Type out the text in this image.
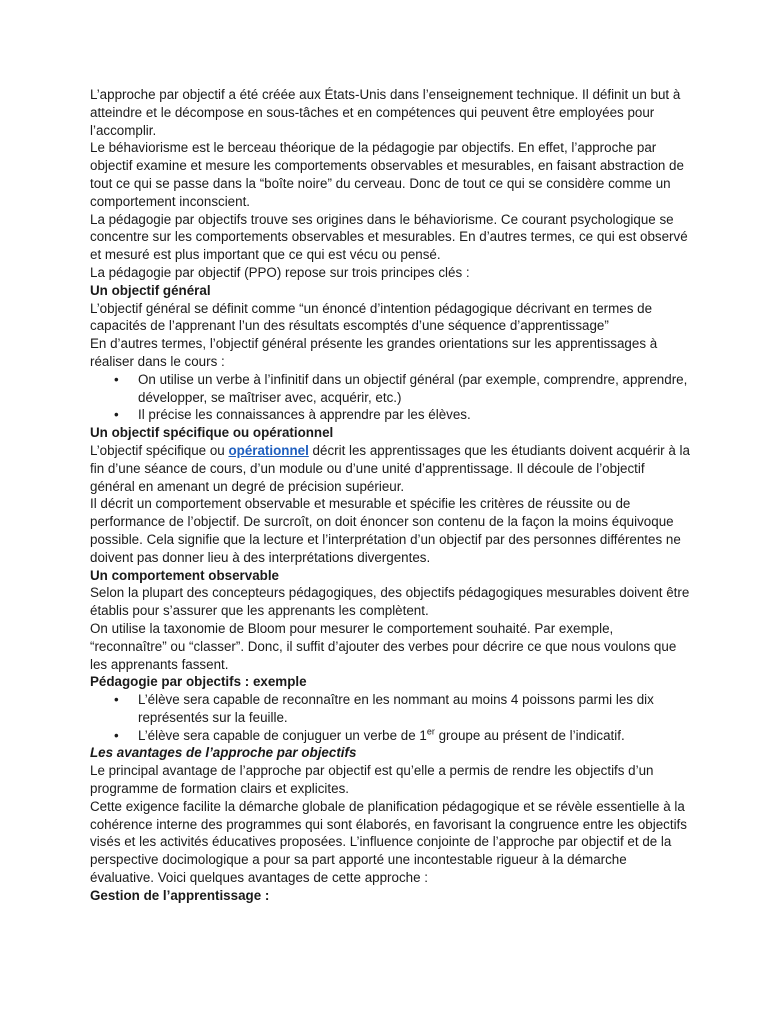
L’approche par objectif a été créée aux États-Unis dans l’enseignement technique. Il définit un but à atteindre et le décompose en sous-tâches et en compétences qui peuvent être employées pour l’accomplir.

Le béhaviorisme est le berceau théorique de la pédagogie par objectifs. En effet, l’approche par objectif examine et mesure les comportements observables et mesurables, en faisant abstraction de tout ce qui se passe dans la “boîte noire” du cerveau. Donc de tout ce qui se considère comme un comportement inconscient.

La pédagogie par objectifs trouve ses origines dans le béhaviorisme. Ce courant psychologique se concentre sur les comportements observables et mesurables. En d’autres termes, ce qui est observé et mesuré est plus important que ce qui est vécu ou pensé.

La pédagogie par objectif (PPO) repose sur trois principes clés :

Un objectif général

L’objectif général se définit comme “un énoncé d’intention pédagogique décrivant en termes de capacités de l’apprenant l’un des résultats escomptés d’une séquence d’apprentissage”

En d’autres termes, l’objectif général présente les grandes orientations sur les apprentissages à réaliser dans le cours :

• On utilise un verbe à l’infinitif dans un objectif général (par exemple, comprendre, apprendre, développer, se maîtriser avec, acquérir, etc.)
• Il précise les connaissances à apprendre par les élèves.

Un objectif spécifique ou opérationnel

L’objectif spécifique ou opérationnel décrit les apprentissages que les étudiants doivent acquérir à la fin d’une séance de cours, d’un module ou d’une unité d’apprentissage. Il découle de l’objectif général en amenant un degré de précision supérieur.

Il décrit un comportement observable et mesurable et spécifie les critères de réussite ou de performance de l’objectif. De surcroît, on doit énoncer son contenu de la façon la moins équivoque possible. Cela signifie que la lecture et l’interprétation d’un objectif par des personnes différentes ne doivent pas donner lieu à des interprétations divergentes.

Un comportement observable

Selon la plupart des concepteurs pédagogiques, des objectifs pédagogiques mesurables doivent être établis pour s’assurer que les apprenants les complètent.

On utilise la taxonomie de Bloom pour mesurer le comportement souhaité. Par exemple, “reconnaître” ou “classer”. Donc, il suffit d’ajouter des verbes pour décrire ce que nous voulons que les apprenants fassent.

Pédagogie par objectifs : exemple

• L’élève sera capable de reconnaître en les nommant au moins 4 poissons parmi les dix représentés sur la feuille.
• L’élève sera capable de conjuguer un verbe de 1er groupe au présent de l’indicatif.

Les avantages de l’approche par objectifs

Le principal avantage de l’approche par objectif est qu’elle a permis de rendre les objectifs d’un programme de formation clairs et explicites.

Cette exigence facilite la démarche globale de planification pédagogique et se révèle essentielle à la cohérence interne des programmes qui sont élaborés, en favorisant la congruence entre les objectifs visés et les activités éducatives proposées. L’influence conjointe de l’approche par objectif et de la perspective docimologique a pour sa part apporté une incontestable rigueur à la démarche évaluative. Voici quelques avantages de cette approche :

Gestion de l’apprentissage :
